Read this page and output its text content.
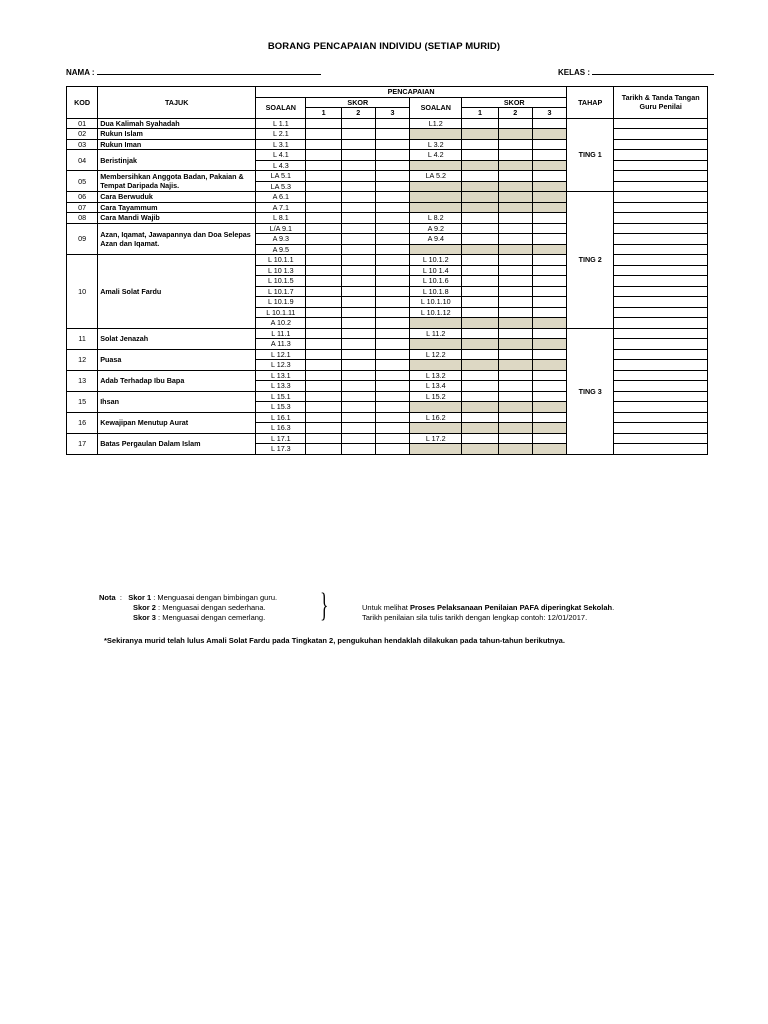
BORANG PENCAPAIAN INDIVIDU (SETIAP MURID)
NAMA :	KELAS :
KOD	TAJUK	PENCAPAIAN								TAHAP	Tarikh & Tanda Tangan Guru Penilai
		SOALAN	SKOR			SOALAN	SKOR				
			1	2	3		1	2	3		
01	Dua Kalimah Syahadah	L 1.1				L1.2				TING 1	
02	Rukun Islam	L 2.1									
03	Rukun Iman	L 3.1				L 3.2					
04	Beristinjak	L 4.1				L 4.2					
		L 4.3									
05	Membersihkan Anggota Badan, Pakaian & Tempat Daripada Najis.	LA 5.1				LA 5.2					
		LA 5.3									
06	Cara Berwuduk	A 6.1								TING 2	
07	Cara Tayammum	A 7.1									
08	Cara Mandi Wajib	L 8.1				L 8.2					
09	Azan, Iqamat, Jawapannya dan Doa Selepas Azan dan Iqamat.	L/A 9.1				A 9.2					
		A 9.3				A 9.4					
		A 9.5									
10	Amali Solat Fardu	L 10.1.1				L 10.1.2					
		L 10 1.3				L 10 1.4					
		L 10.1.5				L 10.1.6					
		L 10.1.7				L 10.1.8					
		L 10.1.9				L 10.1.10					
		L 10.1.11				L 10.1.12					
		A 10.2									
11	Solat Jenazah	L 11.1				L 11.2				TING 3	
		A 11.3									
12	Puasa	L 12.1				L 12.2					
		L 12.3									
13	Adab Terhadap Ibu Bapa	L 13.1				L 13.2					
		L 13.3				L 13.4					
15	Ihsan	L 15.1				L 15.2					
		L 15.3									
16	Kewajipan Menutup Aurat	L 16.1				L 16.2					
		L 16.3									
17	Batas Pergaulan Dalam Islam	L 17.1				L 17.2					
		L 17.3									
Nota : Skor 1 : Menguasai dengan bimbingan guru.
Skor 2 : Menguasai dengan sederhana.
Skor 3 : Menguasai dengan cemerlang.	}	Untuk melihat Proses Pelaksanaan Penilaian PAFA diperingkat Sekolah.
Tarikh penilaian sila tulis tarikh dengan lengkap contoh: 12/01/2017.
*Sekiranya murid telah lulus Amali Solat Fardu pada Tingkatan 2, pengukuhan hendaklah dilakukan pada tahun-tahun berikutnya.
